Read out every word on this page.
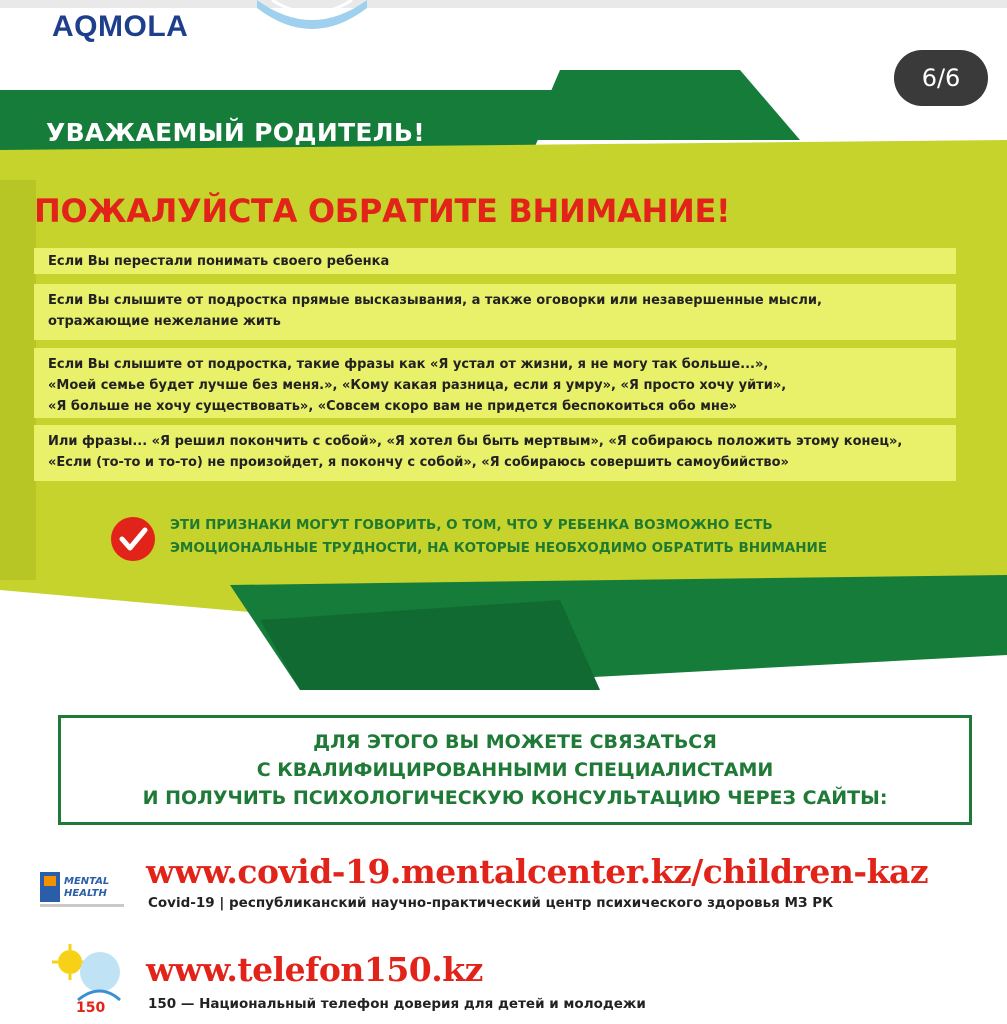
AQMOLA
6/6
УВАЖАЕМЫЙ РОДИТЕЛЬ!
ПОЖАЛУЙСТА ОБРАТИТЕ ВНИМАНИЕ!
Если Вы перестали понимать своего ребенка
Если Вы слышите от подростка прямые высказывания, а также оговорки или незавершенные мысли,
отражающие нежелание жить
Если Вы слышите от подростка, такие фразы как «Я устал от жизни, я не могу так больше...»,
«Моей семье будет лучше без меня.», «Кому какая разница, если я умру», «Я просто хочу уйти»,
«Я больше не хочу существовать», «Совсем скоро вам не придется беспокоиться обо мне»
Или фразы... «Я решил покончить с собой», «Я хотел бы быть мертвым», «Я собираюсь положить этому конец»,
«Если (то-то и то-то) не произойдет, я покончу с собой», «Я собираюсь совершить самоубийство»
ЭТИ ПРИЗНАКИ МОГУТ ГОВОРИТЬ, О ТОМ, ЧТО У РЕБЕНКА ВОЗМОЖНО ЕСТЬ
ЭМОЦИОНАЛЬНЫЕ ТРУДНОСТИ, НА КОТОРЫЕ НЕОБХОДИМО ОБРАТИТЬ ВНИМАНИЕ
ДЛЯ ЭТОГО ВЫ МОЖЕТЕ СВЯЗАТЬСЯ
С КВАЛИФИЦИРОВАННЫМИ СПЕЦИАЛИСТАМИ
И ПОЛУЧИТЬ ПСИХОЛОГИЧЕСКУЮ КОНСУЛЬТАЦИЮ ЧЕРЕЗ САЙТЫ:
MENTAL
HEALTH
www.covid-19.mentalcenter.kz/children-kaz
Covid-19 | республиканский научно-практический центр психического здоровья МЗ РК
150
www.telefon150.kz
150 — Национальный телефон доверия для детей и молодежи
